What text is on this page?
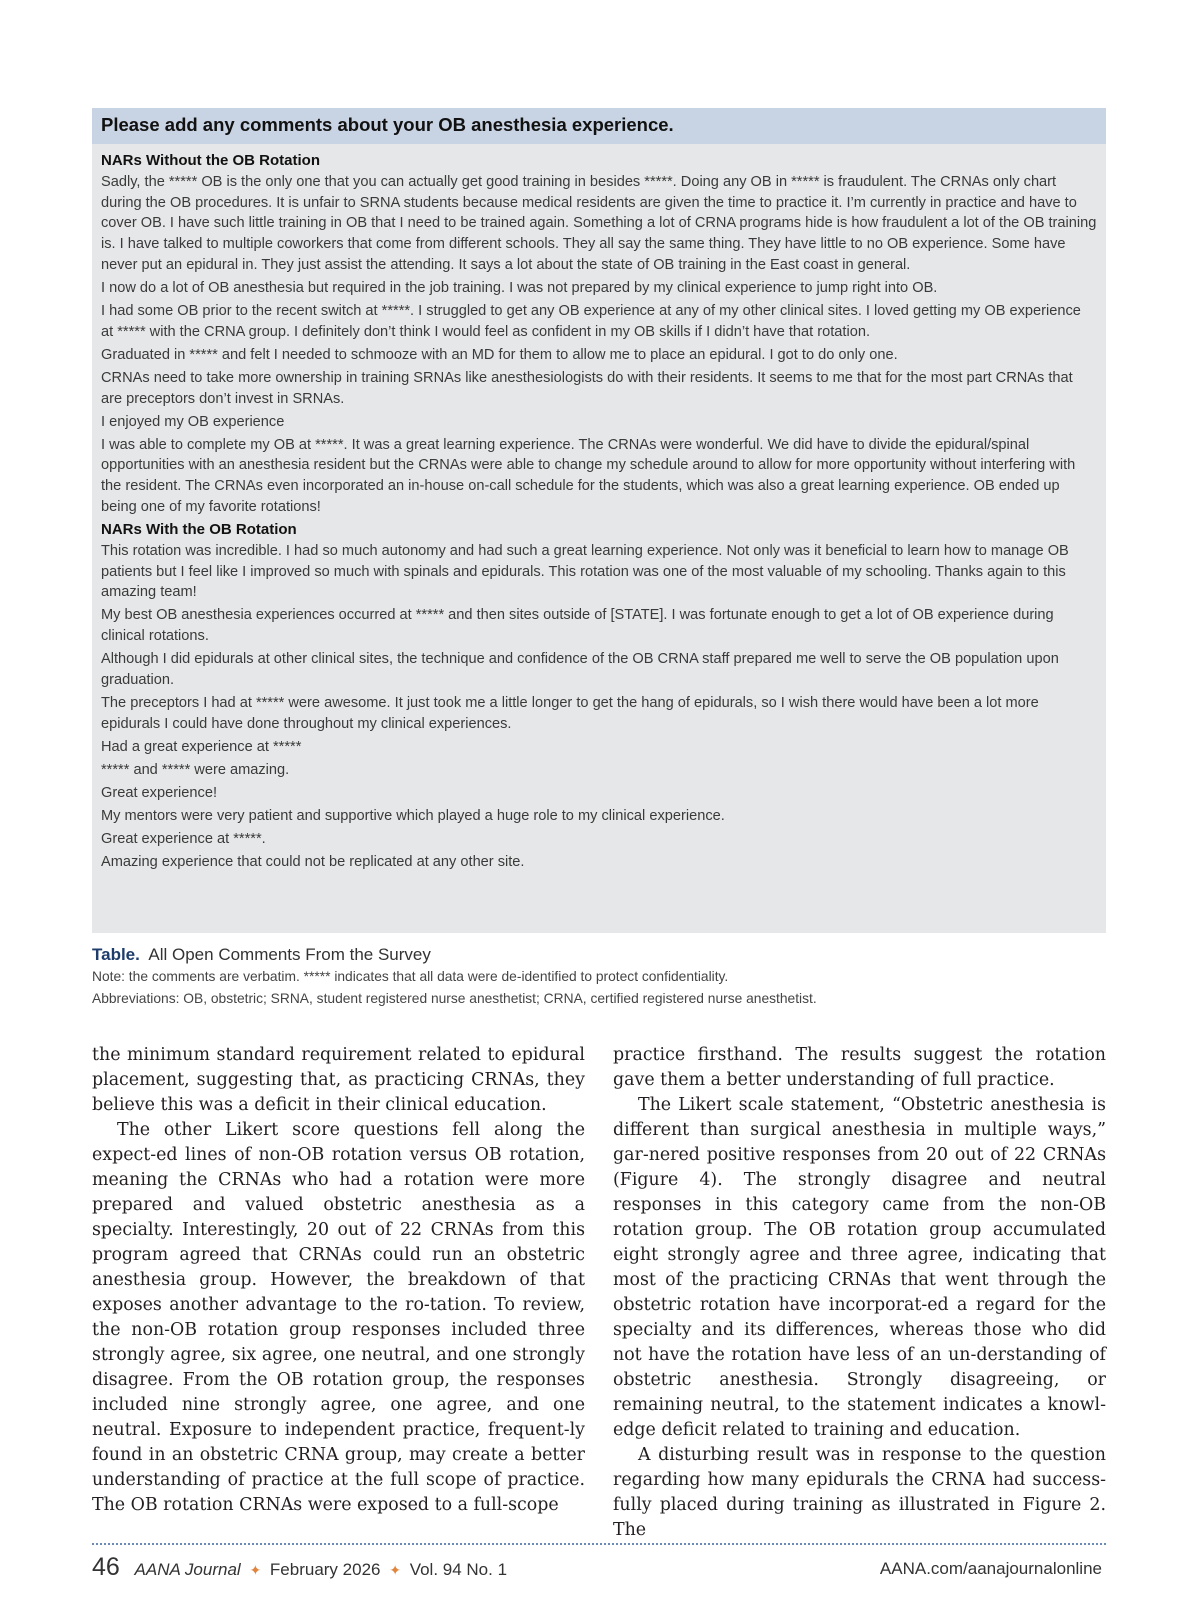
Please add any comments about your OB anesthesia experience.
NARs Without the OB Rotation
Sadly, the ***** OB is the only one that you can actually get good training in besides *****. Doing any OB in ***** is fraudulent. The CRNAs only chart during the OB procedures. It is unfair to SRNA students because medical residents are given the time to practice it. I’m currently in practice and have to cover OB. I have such little training in OB that I need to be trained again. Something a lot of CRNA programs hide is how fraudulent a lot of the OB training is. I have talked to multiple coworkers that come from different schools. They all say the same thing. They have little to no OB experience. Some have never put an epidural in. They just assist the attending. It says a lot about the state of OB training in the East coast in general.
I now do a lot of OB anesthesia but required in the job training. I was not prepared by my clinical experience to jump right into OB.
I had some OB prior to the recent switch at *****. I struggled to get any OB experience at any of my other clinical sites. I loved getting my OB experience at ***** with the CRNA group. I definitely don’t think I would feel as confident in my OB skills if I didn’t have that rotation.
Graduated in ***** and felt I needed to schmooze with an MD for them to allow me to place an epidural. I got to do only one.
CRNAs need to take more ownership in training SRNAs like anesthesiologists do with their residents. It seems to me that for the most part CRNAs that are preceptors don’t invest in SRNAs.
I enjoyed my OB experience
I was able to complete my OB at *****. It was a great learning experience. The CRNAs were wonderful. We did have to divide the epidural/spinal opportunities with an anesthesia resident but the CRNAs were able to change my schedule around to allow for more opportunity without interfering with the resident. The CRNAs even incorporated an in-house on-call schedule for the students, which was also a great learning experience. OB ended up being one of my favorite rotations!
NARs With the OB Rotation
This rotation was incredible. I had so much autonomy and had such a great learning experience. Not only was it beneficial to learn how to manage OB patients but I feel like I improved so much with spinals and epidurals. This rotation was one of the most valuable of my schooling. Thanks again to this amazing team!
My best OB anesthesia experiences occurred at ***** and then sites outside of [STATE]. I was fortunate enough to get a lot of OB experience during clinical rotations.
Although I did epidurals at other clinical sites, the technique and confidence of the OB CRNA staff prepared me well to serve the OB population upon graduation.
The preceptors I had at ***** were awesome. It just took me a little longer to get the hang of epidurals, so I wish there would have been a lot more epidurals I could have done throughout my clinical experiences.
Had a great experience at *****
***** and ***** were amazing.
Great experience!
My mentors were very patient and supportive which played a huge role to my clinical experience.
Great experience at *****.
Amazing experience that could not be replicated at any other site.
Table. All Open Comments From the Survey
Note: the comments are verbatim. ***** indicates that all data were de-identified to protect confidentiality.
Abbreviations: OB, obstetric; SRNA, student registered nurse anesthetist; CRNA, certified registered nurse anesthetist.

the minimum standard requirement related to epidural placement, suggesting that, as practicing CRNAs, they believe this was a deficit in their clinical education.

The other Likert score questions fell along the expect-ed lines of non-OB rotation versus OB rotation, meaning the CRNAs who had a rotation were more prepared and valued obstetric anesthesia as a specialty. Interestingly, 20 out of 22 CRNAs from this program agreed that CRNAs could run an obstetric anesthesia group. However, the breakdown of that exposes another advantage to the ro-tation. To review, the non-OB rotation group responses included three strongly agree, six agree, one neutral, and one strongly disagree. From the OB rotation group, the responses included nine strongly agree, one agree, and one neutral. Exposure to independent practice, frequent-ly found in an obstetric CRNA group, may create a better understanding of practice at the full scope of practice. The OB rotation CRNAs were exposed to a full-scope

practice firsthand. The results suggest the rotation gave them a better understanding of full practice.

The Likert scale statement, “Obstetric anesthesia is different than surgical anesthesia in multiple ways,” gar-nered positive responses from 20 out of 22 CRNAs (Figure 4). The strongly disagree and neutral responses in this category came from the non-OB rotation group. The OB rotation group accumulated eight strongly agree and three agree, indicating that most of the practicing CRNAs that went through the obstetric rotation have incorporat-ed a regard for the specialty and its differences, whereas those who did not have the rotation have less of an un-derstanding of obstetric anesthesia. Strongly disagreeing, or remaining neutral, to the statement indicates a knowl-edge deficit related to training and education.

A disturbing result was in response to the question regarding how many epidurals the CRNA had success-fully placed during training as illustrated in Figure 2. The

46 AANA Journal ✦ February 2026 ✦ Vol. 94 No. 1	AANA.com/aanajournalonline
